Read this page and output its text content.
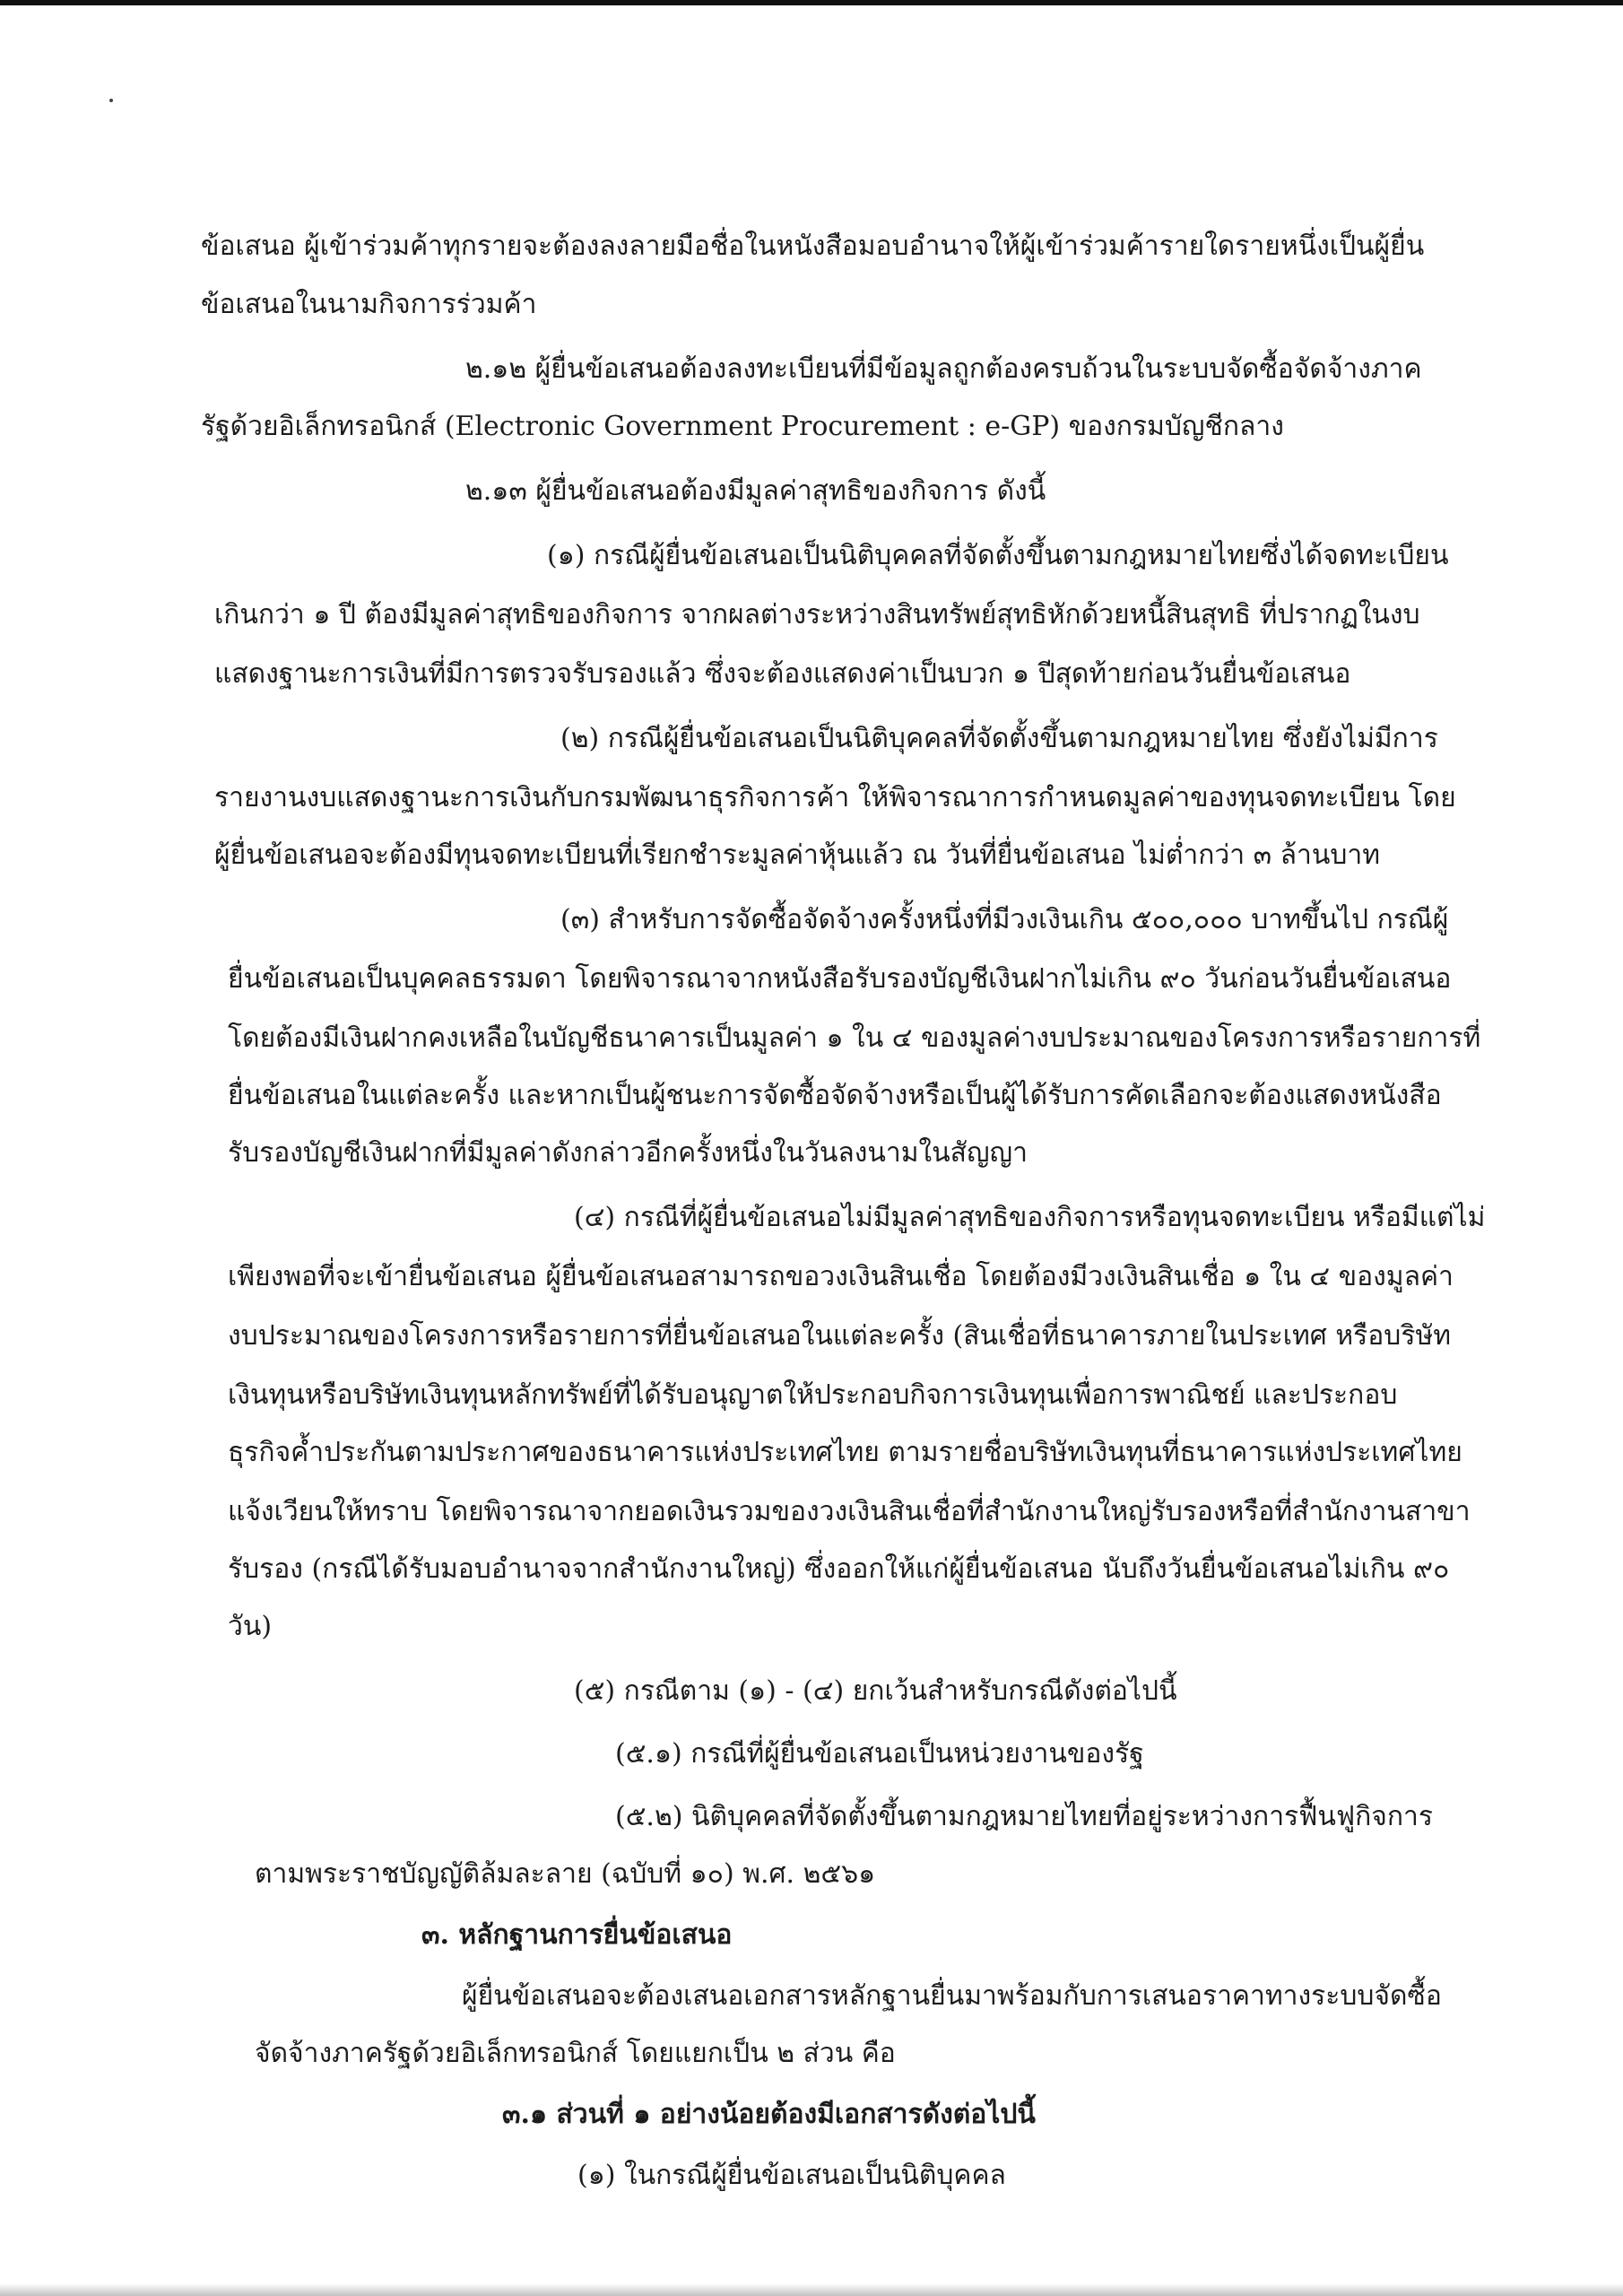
ข้อเสนอ ผู้เข้าร่วมค้าทุกรายจะต้องลงลายมือชื่อในหนังสือมอบอำนาจให้ผู้เข้าร่วมค้ารายใดรายหนึ่งเป็นผู้ยื่น
ข้อเสนอในนามกิจการร่วมค้า
๒.๑๒ ผู้ยื่นข้อเสนอต้องลงทะเบียนที่มีข้อมูลถูกต้องครบถ้วนในระบบจัดซื้อจัดจ้างภาค
รัฐด้วยอิเล็กทรอนิกส์ (Electronic Government Procurement : e-GP) ของกรมบัญชีกลาง
๒.๑๓ ผู้ยื่นข้อเสนอต้องมีมูลค่าสุทธิของกิจการ ดังนี้
(๑) กรณีผู้ยื่นข้อเสนอเป็นนิติบุคคลที่จัดตั้งขึ้นตามกฎหมายไทยซึ่งได้จดทะเบียน
เกินกว่า ๑ ปี ต้องมีมูลค่าสุทธิของกิจการ จากผลต่างระหว่างสินทรัพย์สุทธิหักด้วยหนี้สินสุทธิ ที่ปรากฏในงบ
แสดงฐานะการเงินที่มีการตรวจรับรองแล้ว ซึ่งจะต้องแสดงค่าเป็นบวก ๑ ปีสุดท้ายก่อนวันยื่นข้อเสนอ
(๒) กรณีผู้ยื่นข้อเสนอเป็นนิติบุคคลที่จัดตั้งขึ้นตามกฎหมายไทย ซึ่งยังไม่มีการ
รายงานงบแสดงฐานะการเงินกับกรมพัฒนาธุรกิจการค้า ให้พิจารณาการกำหนดมูลค่าของทุนจดทะเบียน โดย
ผู้ยื่นข้อเสนอจะต้องมีทุนจดทะเบียนที่เรียกชำระมูลค่าหุ้นแล้ว ณ วันที่ยื่นข้อเสนอ ไม่ต่ำกว่า ๓ ล้านบาท
(๓) สำหรับการจัดซื้อจัดจ้างครั้งหนึ่งที่มีวงเงินเกิน ๕๐๐,๐๐๐ บาทขึ้นไป กรณีผู้
ยื่นข้อเสนอเป็นบุคคลธรรมดา โดยพิจารณาจากหนังสือรับรองบัญชีเงินฝากไม่เกิน ๙๐ วันก่อนวันยื่นข้อเสนอ
โดยต้องมีเงินฝากคงเหลือในบัญชีธนาคารเป็นมูลค่า ๑ ใน ๔ ของมูลค่างบประมาณของโครงการหรือรายการที่
ยื่นข้อเสนอในแต่ละครั้ง และหากเป็นผู้ชนะการจัดซื้อจัดจ้างหรือเป็นผู้ได้รับการคัดเลือกจะต้องแสดงหนังสือ
รับรองบัญชีเงินฝากที่มีมูลค่าดังกล่าวอีกครั้งหนึ่งในวันลงนามในสัญญา
(๔) กรณีที่ผู้ยื่นข้อเสนอไม่มีมูลค่าสุทธิของกิจการหรือทุนจดทะเบียน หรือมีแต่ไม่
เพียงพอที่จะเข้ายื่นข้อเสนอ ผู้ยื่นข้อเสนอสามารถขอวงเงินสินเชื่อ โดยต้องมีวงเงินสินเชื่อ ๑ ใน ๔ ของมูลค่า
งบประมาณของโครงการหรือรายการที่ยื่นข้อเสนอในแต่ละครั้ง (สินเชื่อที่ธนาคารภายในประเทศ หรือบริษัท
เงินทุนหรือบริษัทเงินทุนหลักทรัพย์ที่ได้รับอนุญาตให้ประกอบกิจการเงินทุนเพื่อการพาณิชย์ และประกอบ
ธุรกิจค้ำประกันตามประกาศของธนาคารแห่งประเทศไทย ตามรายชื่อบริษัทเงินทุนที่ธนาคารแห่งประเทศไทย
แจ้งเวียนให้ทราบ โดยพิจารณาจากยอดเงินรวมของวงเงินสินเชื่อที่สำนักงานใหญ่รับรองหรือที่สำนักงานสาขา
รับรอง (กรณีได้รับมอบอำนาจจากสำนักงานใหญ่) ซึ่งออกให้แก่ผู้ยื่นข้อเสนอ นับถึงวันยื่นข้อเสนอไม่เกิน ๙๐
วัน)
(๕) กรณีตาม (๑) - (๔) ยกเว้นสำหรับกรณีดังต่อไปนี้
(๕.๑) กรณีที่ผู้ยื่นข้อเสนอเป็นหน่วยงานของรัฐ
(๕.๒) นิติบุคคลที่จัดตั้งขึ้นตามกฎหมายไทยที่อยู่ระหว่างการฟื้นฟูกิจการ
ตามพระราชบัญญัติล้มละลาย (ฉบับที่ ๑๐) พ.ศ. ๒๕๖๑
๓. หลักฐานการยื่นข้อเสนอ
ผู้ยื่นข้อเสนอจะต้องเสนอเอกสารหลักฐานยื่นมาพร้อมกับการเสนอราคาทางระบบจัดซื้อ
จัดจ้างภาครัฐด้วยอิเล็กทรอนิกส์ โดยแยกเป็น ๒ ส่วน คือ
๓.๑ ส่วนที่ ๑ อย่างน้อยต้องมีเอกสารดังต่อไปนี้
(๑) ในกรณีผู้ยื่นข้อเสนอเป็นนิติบุคคล
